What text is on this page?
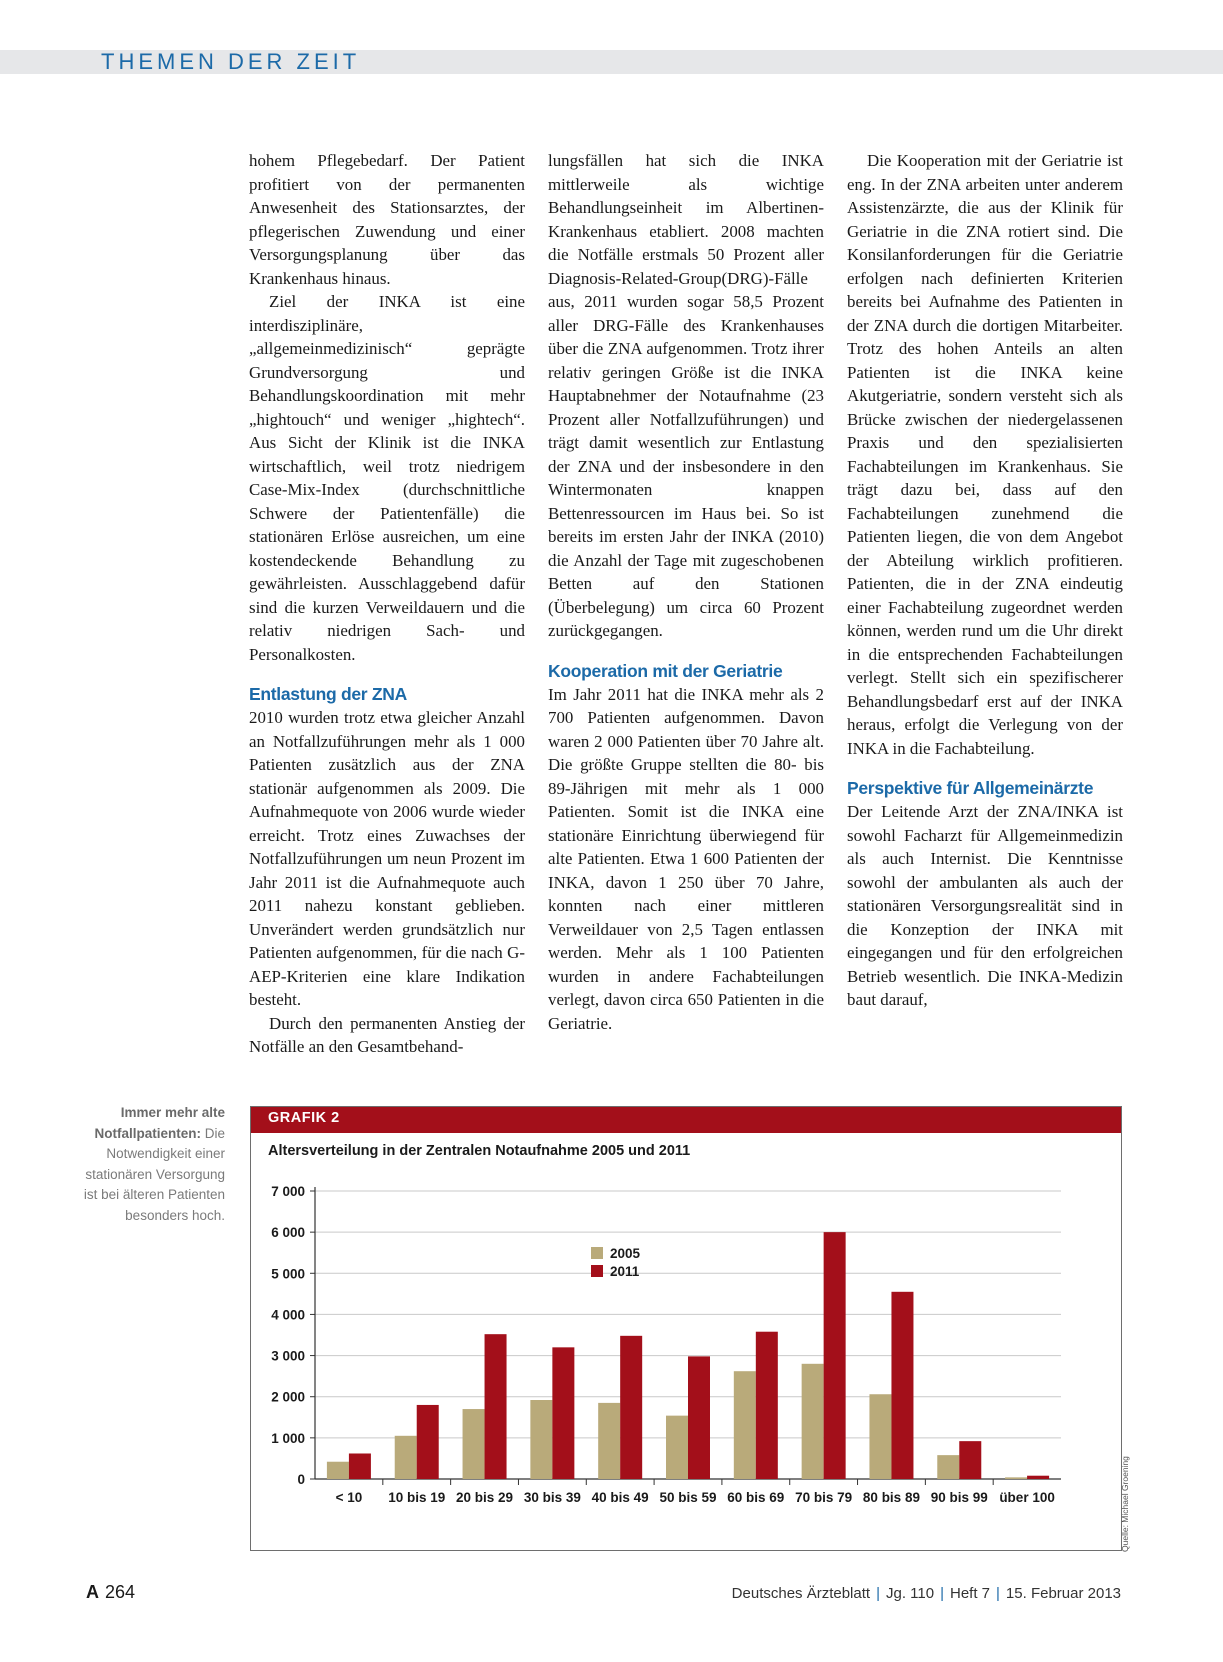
THEMEN DER ZEIT

hohem Pflegebedarf. Der Patient profitiert von der permanenten Anwesenheit des Stationsarztes, der pflegerischen Zuwendung und einer Versorgungsplanung über das Krankenhaus hinaus.

Ziel der INKA ist eine interdisziplinäre, „allgemeinmedizinisch“ geprägte Grundversorgung und Behandlungskoordination mit mehr „hightouch“ und weniger „hightech“. Aus Sicht der Klinik ist die INKA wirtschaftlich, weil trotz niedrigem Case-Mix-Index (durchschnittliche Schwere der Patientenfälle) die stationären Erlöse ausreichen, um eine kostendeckende Behandlung zu gewährleisten. Ausschlaggebend dafür sind die kurzen Verweildauern und die relativ niedrigen Sach- und Personalkosten.

Entlastung der ZNA

2010 wurden trotz etwa gleicher Anzahl an Notfallzuführungen mehr als 1 000 Patienten zusätzlich aus der ZNA stationär aufgenommen als 2009. Die Aufnahmequote von 2006 wurde wieder erreicht. Trotz eines Zuwachses der Notfallzuführungen um neun Prozent im Jahr 2011 ist die Aufnahmequote auch 2011 nahezu konstant geblieben. Unverändert werden grundsätzlich nur Patienten aufgenommen, für die nach G-AEP-Kriterien eine klare Indikation besteht.

Durch den permanenten Anstieg der Notfälle an den Gesamtbehand-

lungsfällen hat sich die INKA mittlerweile als wichtige Behandlungseinheit im Albertinen-Krankenhaus etabliert. 2008 machten die Notfälle erstmals 50 Prozent aller Diagnosis-Related-Group(DRG)-Fälle aus, 2011 wurden sogar 58,5 Prozent aller DRG-Fälle des Krankenhauses über die ZNA aufgenommen. Trotz ihrer relativ geringen Größe ist die INKA Hauptabnehmer der Notaufnahme (23 Prozent aller Notfallzuführungen) und trägt damit wesentlich zur Entlastung der ZNA und der insbesondere in den Wintermonaten knappen Bettenressourcen im Haus bei. So ist bereits im ersten Jahr der INKA (2010) die Anzahl der Tage mit zugeschobenen Betten auf den Stationen (Überbelegung) um circa 60 Prozent zurückgegangen.

Kooperation mit der Geriatrie

Im Jahr 2011 hat die INKA mehr als 2 700 Patienten aufgenommen. Davon waren 2 000 Patienten über 70 Jahre alt. Die größte Gruppe stellten die 80- bis 89-Jährigen mit mehr als 1 000 Patienten. Somit ist die INKA eine stationäre Einrichtung überwiegend für alte Patienten. Etwa 1 600 Patienten der INKA, davon 1 250 über 70 Jahre, konnten nach einer mittleren Verweildauer von 2,5 Tagen entlassen werden. Mehr als 1 100 Patienten wurden in andere Fachabteilungen verlegt, davon circa 650 Patienten in die Geriatrie.

Die Kooperation mit der Geriatrie ist eng. In der ZNA arbeiten unter anderem Assistenzärzte, die aus der Klinik für Geriatrie in die ZNA rotiert sind. Die Konsilanforderungen für die Geriatrie erfolgen nach definierten Kriterien bereits bei Aufnahme des Patienten in der ZNA durch die dortigen Mitarbeiter. Trotz des hohen Anteils an alten Patienten ist die INKA keine Akutgeriatrie, sondern versteht sich als Brücke zwischen der niedergelassenen Praxis und den spezialisierten Fachabteilungen im Krankenhaus. Sie trägt dazu bei, dass auf den Fachabteilungen zunehmend die Patienten liegen, die von dem Angebot der Abteilung wirklich profitieren. Patienten, die in der ZNA eindeutig einer Fachabteilung zugeordnet werden können, werden rund um die Uhr direkt in die entsprechenden Fachabteilungen verlegt. Stellt sich ein spezifischerer Behandlungsbedarf erst auf der INKA heraus, erfolgt die Verlegung von der INKA in die Fachabteilung.

Perspektive für Allgemeinärzte

Der Leitende Arzt der ZNA/INKA ist sowohl Facharzt für Allgemeinmedizin als auch Internist. Die Kenntnisse sowohl der ambulanten als auch der stationären Versorgungsrealität sind in die Konzeption der INKA mit eingegangen und für den erfolgreichen Betrieb wesentlich. Die INKA-Medizin baut darauf,

Immer mehr alte Notfallpatienten: Die Notwendigkeit einer stationären Versorgung ist bei älteren Patienten besonders hoch.
GRAFIK 2
Altersverteilung in der Zentralen Notaufnahme 2005 und 2011
0
1 000
2 000
3 000
4 000
5 000
6 000
7 000
< 10 10 bis 19 20 bis 29 30 bis 39 40 bis 49 50 bis 59 60 bis 69 70 bis 79 80 bis 89 90 bis 99 über 100
2005
2011
Quelle: Michael Groening
A 264	Deutsches Ärzteblatt | Jg. 110 | Heft 7 | 15. Februar 2013
